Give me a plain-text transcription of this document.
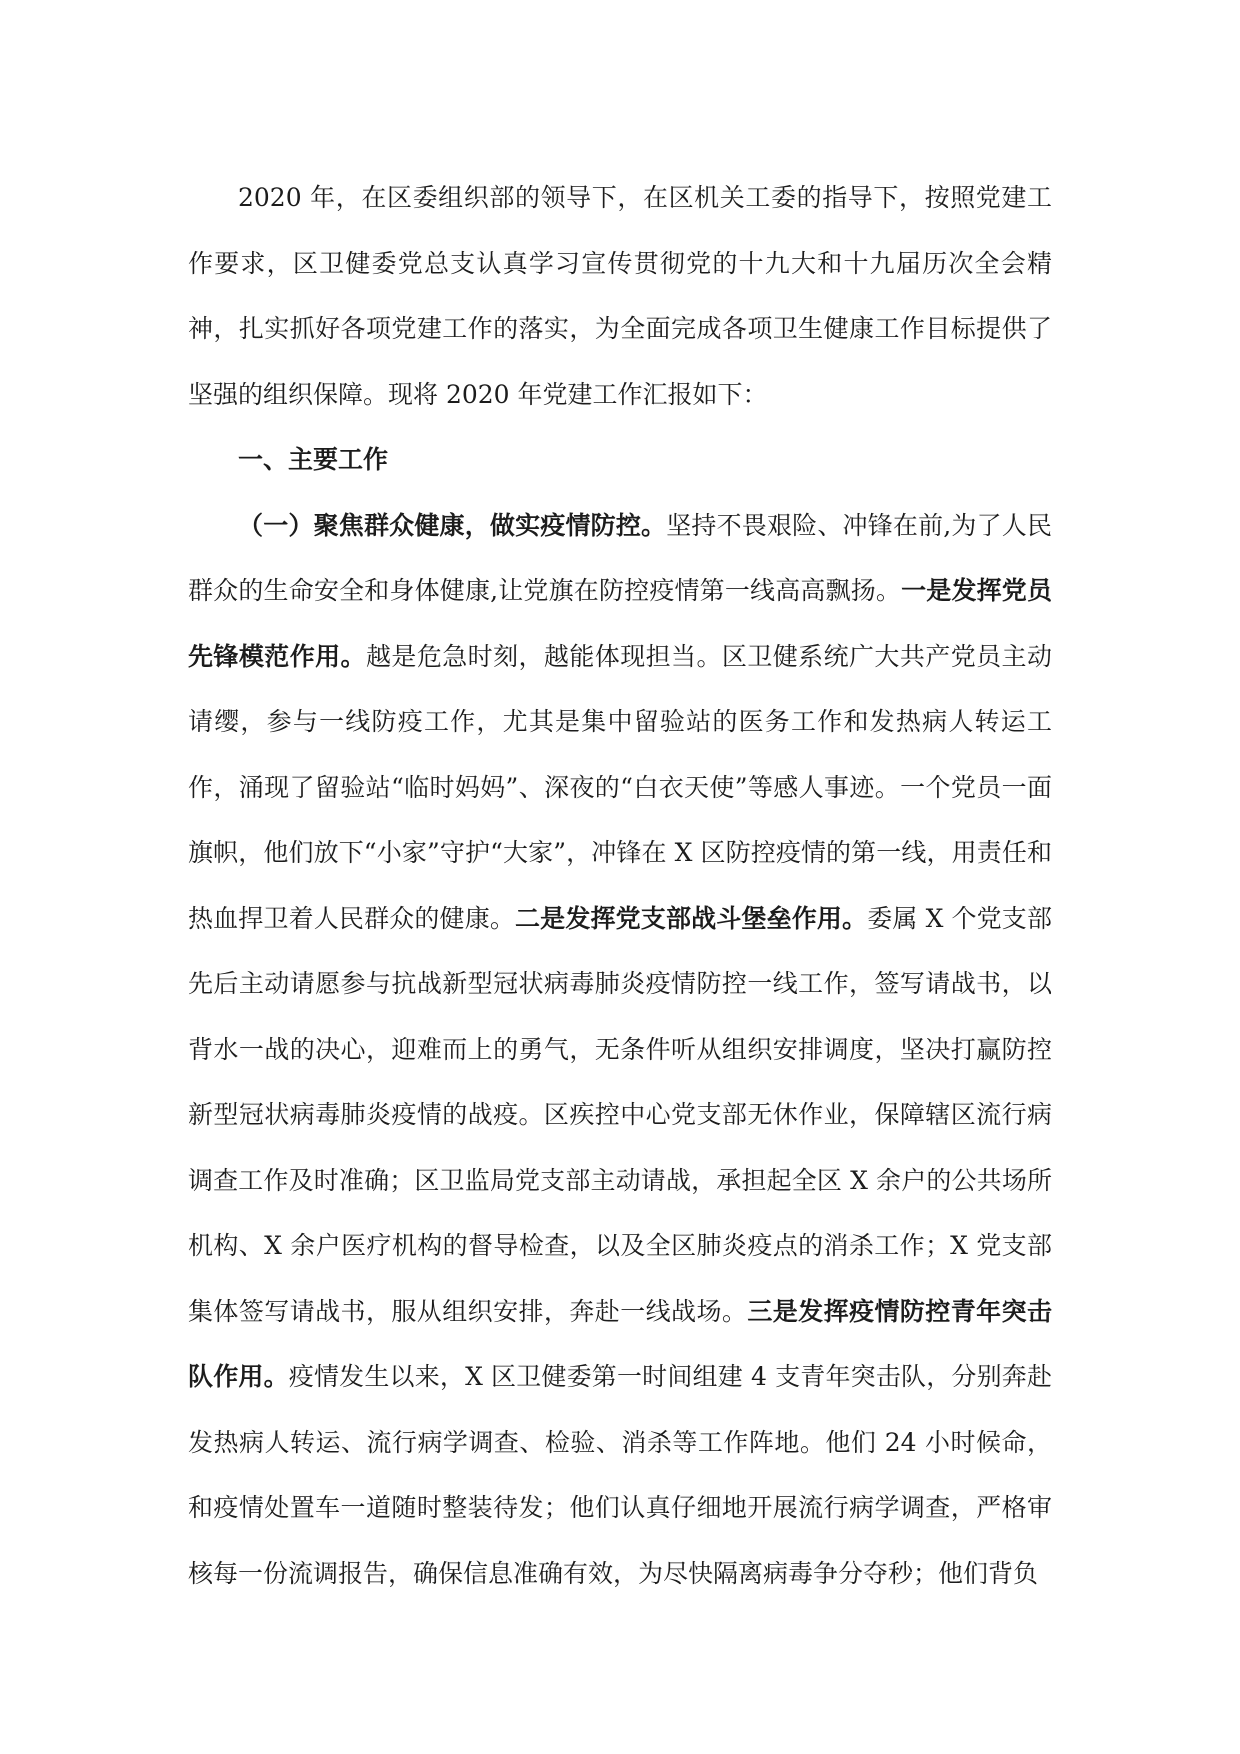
2020 年，在区委组织部的领导下，在区机关工委的指导下，按照党建工作要求，区卫健委党总支认真学习宣传贯彻党的十九大和十九届历次全会精神，扎实抓好各项党建工作的落实，为全面完成各项卫生健康工作目标提供了坚强的组织保障。现将 2020 年党建工作汇报如下：

一、主要工作

（一）聚焦群众健康，做实疫情防控。坚持不畏艰险、冲锋在前,为了人民群众的生命安全和身体健康,让党旗在防控疫情第一线高高飘扬。一是发挥党员先锋模范作用。越是危急时刻，越能体现担当。区卫健系统广大共产党员主动请缨，参与一线防疫工作，尤其是集中留验站的医务工作和发热病人转运工作，涌现了留验站“临时妈妈”、深夜的“白衣天使”等感人事迹。一个党员一面旗帜，他们放下“小家”守护“大家”，冲锋在 X 区防控疫情的第一线，用责任和热血捍卫着人民群众的健康。二是发挥党支部战斗堡垒作用。委属 X 个党支部先后主动请愿参与抗战新型冠状病毒肺炎疫情防控一线工作，签写请战书，以背水一战的决心，迎难而上的勇气，无条件听从组织安排调度，坚决打赢防控新型冠状病毒肺炎疫情的战疫。区疾控中心党支部无休作业，保障辖区流行病调查工作及时准确；区卫监局党支部主动请战，承担起全区 X 余户的公共场所机构、X 余户医疗机构的督导检查，以及全区肺炎疫点的消杀工作；X 党支部集体签写请战书，服从组织安排，奔赴一线战场。三是发挥疫情防控青年突击队作用。疫情发生以来，X 区卫健委第一时间组建 4 支青年突击队，分别奔赴发热病人转运、流行病学调查、检验、消杀等工作阵地。他们 24 小时候命，和疫情处置车一道随时整装待发；他们认真仔细地开展流行病学调查，严格审核每一份流调报告，确保信息准确有效，为尽快隔离病毒争分夺秒；他们背负
